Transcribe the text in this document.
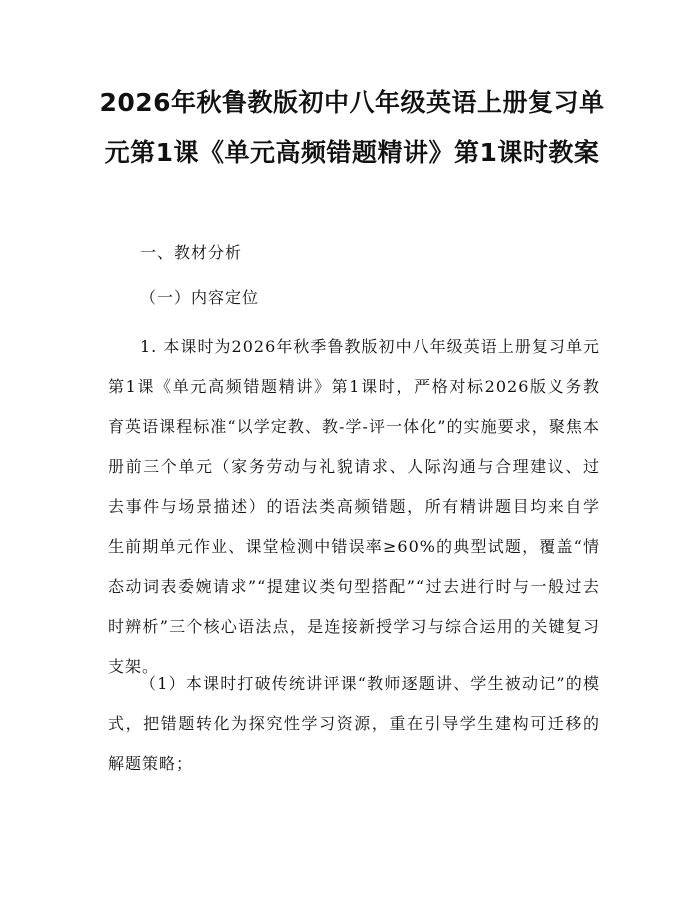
2026年秋鲁教版初中八年级英语上册复习单元第1课《单元高频错题精讲》第1课时教案

一、教材分析

（一）内容定位

1. 本课时为2026年秋季鲁教版初中八年级英语上册复习单元第1课《单元高频错题精讲》第1课时，严格对标2026版义务教育英语课程标准“以学定教、教-学-评一体化”的实施要求，聚焦本册前三个单元（家务劳动与礼貌请求、人际沟通与合理建议、过去事件与场景描述）的语法类高频错题，所有精讲题目均来自学生前期单元作业、课堂检测中错误率≥60%的典型试题，覆盖“情态动词表委婉请求”“提建议类句型搭配”“过去进行时与一般过去时辨析”三个核心语法点，是连接新授学习与综合运用的关键复习支架。

（1）本课时打破传统讲评课“教师逐题讲、学生被动记”的模式，把错题转化为探究性学习资源，重在引导学生建构可迁移的解题策略；
